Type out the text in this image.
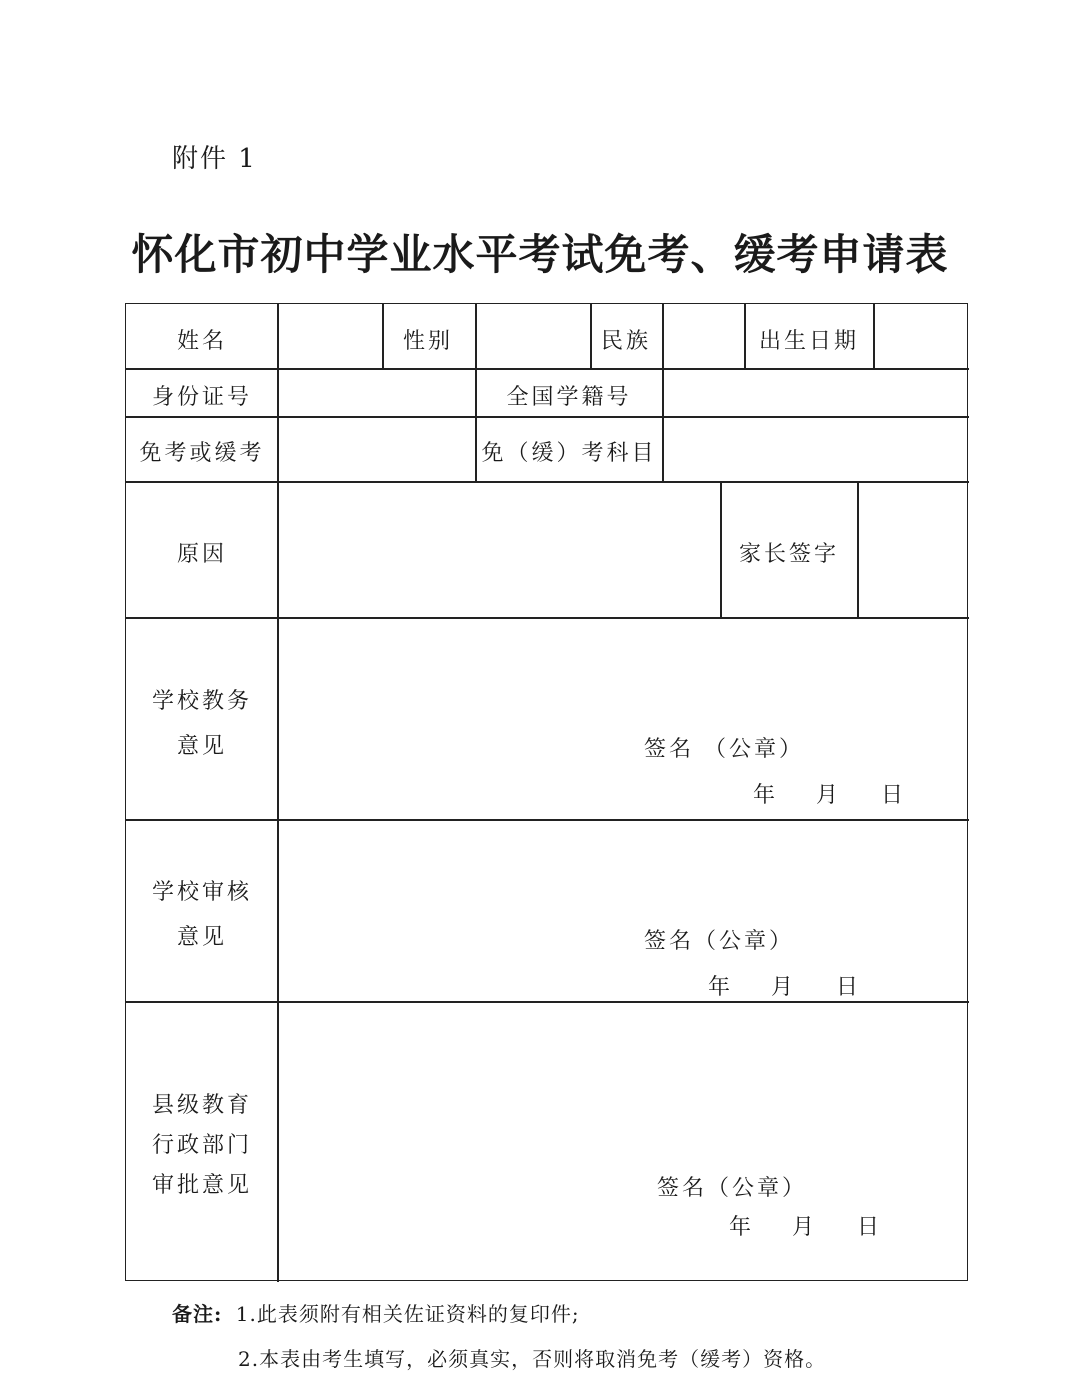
附件 1
怀化市初中学业水平考试免考、缓考申请表
姓名	性别	民族	出生日期
身份证号	全国学籍号
免考或缓考	免（缓）考科目
原因	家长签字
学校教务
意见	签名 （公章）
年 月 日
学校审核
意见	签名（公章）
年 月 日
县级教育
行政部门
审批意见	签名（公章）
年 月 日
备注: 1.此表须附有相关佐证资料的复印件;
2.本表由考生填写，必须真实，否则将取消免考（缓考）资格。
